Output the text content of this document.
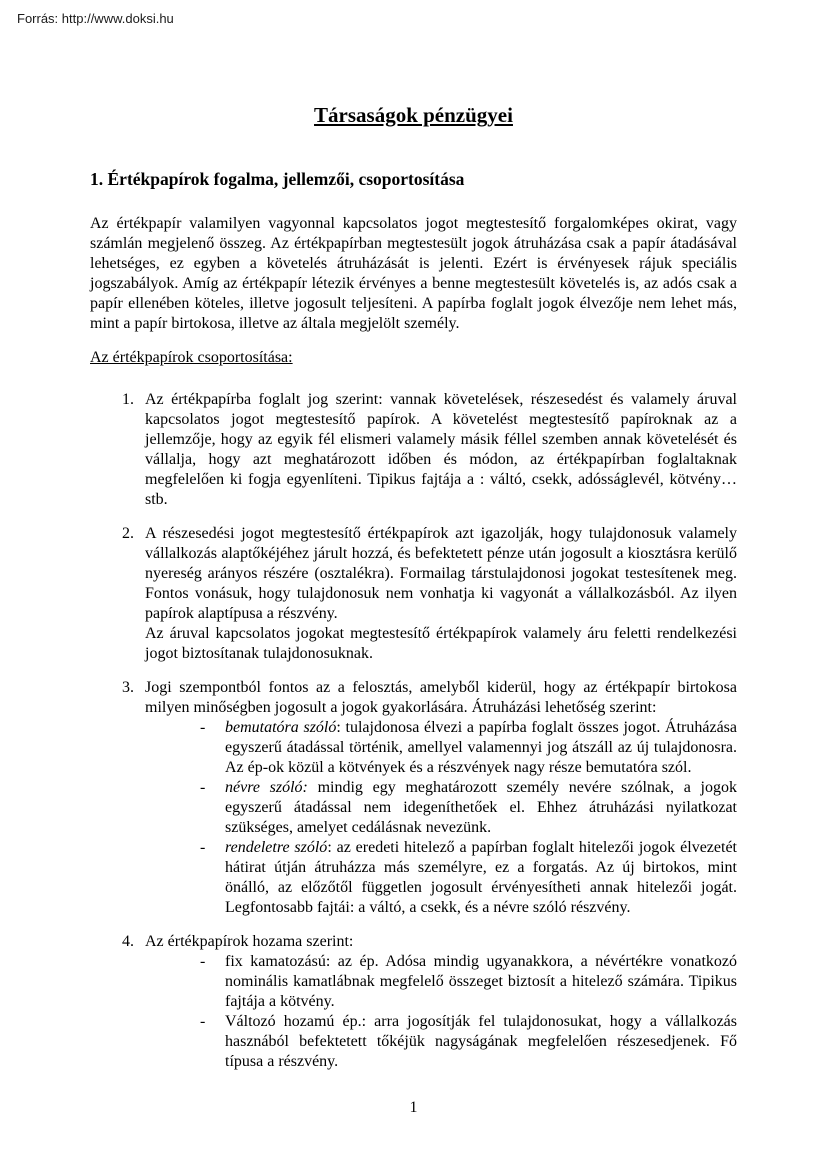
Forrás: http://www.doksi.hu
Társaságok pénzügyei
1. Értékpapírok fogalma, jellemzői, csoportosítása

Az értékpapír valamilyen vagyonnal kapcsolatos jogot megtestesítő forgalomképes okirat, vagy számlán megjelenő összeg. Az értékpapírban megtestesült jogok átruházása csak a papír átadásával lehetséges, ez egyben a követelés átruházását is jelenti. Ezért is érvényesek rájuk speciális jogszabályok. Amíg az értékpapír létezik érvényes a benne megtestesült követelés is, az adós csak a papír ellenében köteles, illetve jogosult teljesíteni. A papírba foglalt jogok élvezője nem lehet más, mint a papír birtokosa, illetve az általa megjelölt személy.

Az értékpapírok csoportosítása:
1. Az értékpapírba foglalt jog szerint: vannak követelések, részesedést és valamely áruval kapcsolatos jogot megtestesítő papírok. A követelést megtestesítő papíroknak az a jellemzője, hogy az egyik fél elismeri valamely másik féllel szemben annak követelését és vállalja, hogy azt meghatározott időben és módon, az értékpapírban foglaltaknak megfelelően ki fogja egyenlíteni. Tipikus fajtája a : váltó, csekk, adósságlevél, kötvény…stb.
2. A részesedési jogot megtestesítő értékpapírok azt igazolják, hogy tulajdonosuk valamely vállalkozás alaptőkéjéhez járult hozzá, és befektetett pénze után jogosult a kiosztásra kerülő nyereség arányos részére (osztalékra). Formailag társtulajdonosi jogokat testesítenek meg. Fontos vonásuk, hogy tulajdonosuk nem vonhatja ki vagyonát a vállalkozásból. Az ilyen papírok alaptípusa a részvény.
Az áruval kapcsolatos jogokat megtestesítő értékpapírok valamely áru feletti rendelkezési jogot biztosítanak tulajdonosuknak.
3. Jogi szempontból fontos az a felosztás, amelyből kiderül, hogy az értékpapír birtokosa milyen minőségben jogosult a jogok gyakorlására. Átruházási lehetőség szerint:
-	bemutatóra szóló: tulajdonosa élvezi a papírba foglalt összes jogot. Átruházása egyszerű átadással történik, amellyel valamennyi jog átszáll az új tulajdonosra. Az ép-ok közül a kötvények és a részvények nagy része bemutatóra szól.
-	névre szóló: mindig egy meghatározott személy nevére szólnak, a jogok egyszerű átadással nem idegeníthetőek el. Ehhez átruházási nyilatkozat szükséges, amelyet cedálásnak nevezünk.
-	rendeletre szóló: az eredeti hitelező a papírban foglalt hitelezői jogok élvezetét hátirat útján átruházza más személyre, ez a forgatás. Az új birtokos, mint önálló, az előzőtől független jogosult érvényesítheti annak hitelezői jogát. Legfontosabb fajtái: a váltó, a csekk, és a névre szóló részvény.
4. Az értékpapírok hozama szerint:
-	fix kamatozású: az ép. Adósa mindig ugyanakkora, a névértékre vonatkozó nominális kamatlábnak megfelelő összeget biztosít a hitelező számára. Tipikus fajtája a kötvény.
-	Változó hozamú ép.: arra jogosítják fel tulajdonosukat, hogy a vállalkozás hasznából befektetett tőkéjük nagyságának megfelelően részesedjenek. Fő típusa a részvény.
1
